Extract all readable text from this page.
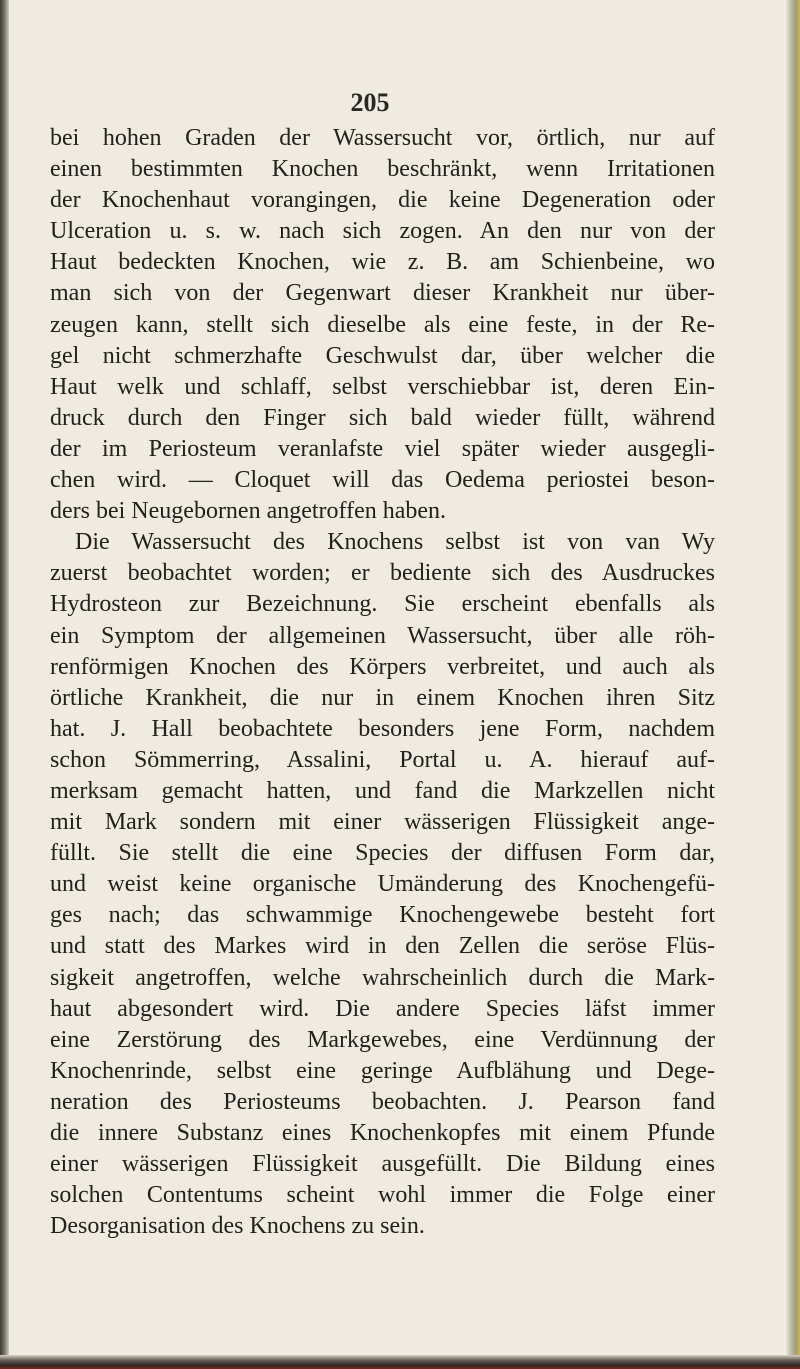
205

bei hohen Graden der Wassersucht vor, örtlich, nur auf
einen bestimmten Knochen beschränkt, wenn Irritationen
der Knochenhaut vorangingen, die keine Degeneration oder
Ulceration u. s. w. nach sich zogen. An den nur von der
Haut bedeckten Knochen, wie z. B. am Schienbeine, wo
man sich von der Gegenwart dieser Krankheit nur über-
zeugen kann, stellt sich dieselbe als eine feste, in der Re-
gel nicht schmerzhafte Geschwulst dar, über welcher die
Haut welk und schlaff, selbst verschiebbar ist, deren Ein-
druck durch den Finger sich bald wieder füllt, während
der im Periosteum veranlafste viel später wieder ausgegli-
chen wird. — Cloquet will das Oedema periostei beson-
ders bei Neugebornen angetroffen haben.
Die Wassersucht des Knochens selbst ist von van Wy
zuerst beobachtet worden; er bediente sich des Ausdruckes
Hydrosteon zur Bezeichnung. Sie erscheint ebenfalls als
ein Symptom der allgemeinen Wassersucht, über alle röh-
renförmigen Knochen des Körpers verbreitet, und auch als
örtliche Krankheit, die nur in einem Knochen ihren Sitz
hat. J. Hall beobachtete besonders jene Form, nachdem
schon Sömmerring, Assalini, Portal u. A. hierauf auf-
merksam gemacht hatten, und fand die Markzellen nicht
mit Mark sondern mit einer wässerigen Flüssigkeit ange-
füllt. Sie stellt die eine Species der diffusen Form dar,
und weist keine organische Umänderung des Knochengefü-
ges nach; das schwammige Knochengewebe besteht fort
und statt des Markes wird in den Zellen die seröse Flüs-
sigkeit angetroffen, welche wahrscheinlich durch die Mark-
haut abgesondert wird. Die andere Species läfst immer
eine Zerstörung des Markgewebes, eine Verdünnung der
Knochenrinde, selbst eine geringe Aufblähung und Dege-
neration des Periosteums beobachten. J. Pearson fand
die innere Substanz eines Knochenkopfes mit einem Pfunde
einer wässerigen Flüssigkeit ausgefüllt. Die Bildung eines
solchen Contentums scheint wohl immer die Folge einer
Desorganisation des Knochens zu sein.
